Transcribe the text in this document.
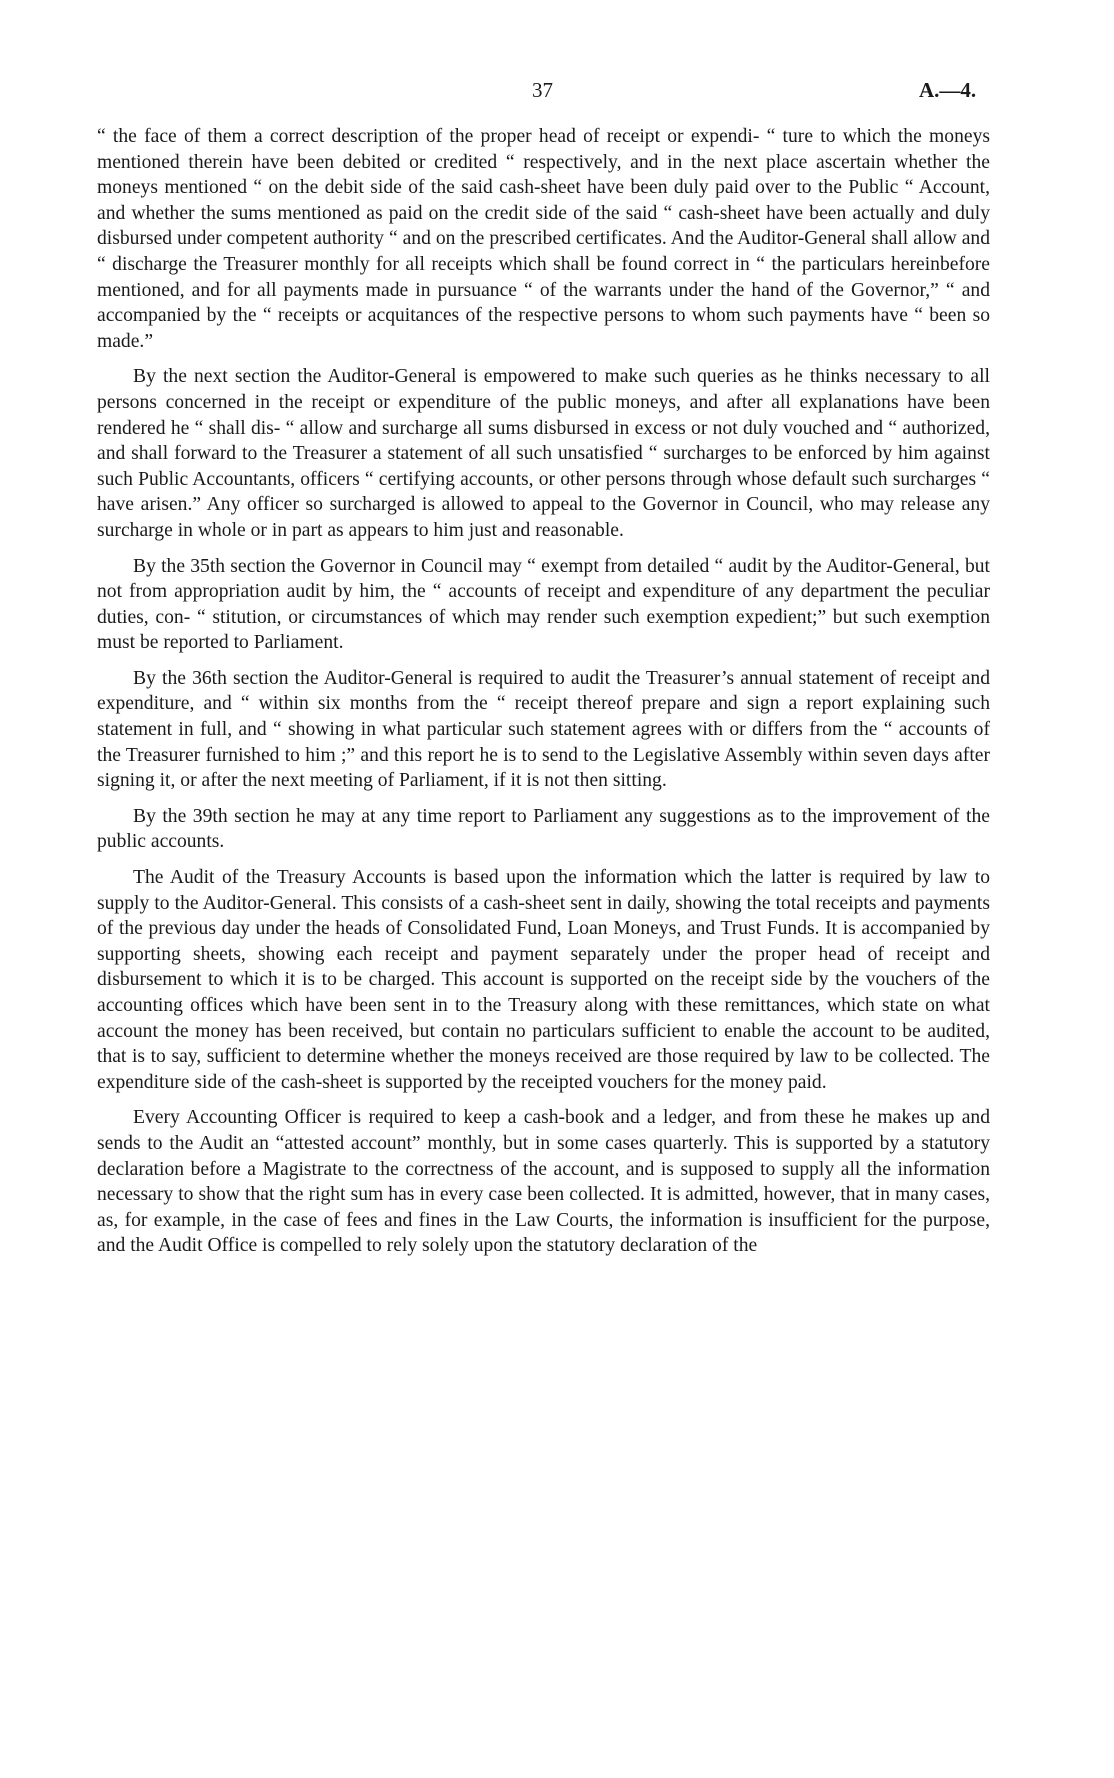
37	A.—4.

“ the face of them a correct description of the proper head of receipt or expendi- “ ture to which the moneys mentioned therein have been debited or credited “ respectively, and in the next place ascertain whether the moneys mentioned “ on the debit side of the said cash-sheet have been duly paid over to the Public “ Account, and whether the sums mentioned as paid on the credit side of the said “ cash-sheet have been actually and duly disbursed under competent authority “ and on the prescribed certificates. And the Auditor-General shall allow and “ discharge the Treasurer monthly for all receipts which shall be found correct in “ the particulars hereinbefore mentioned, and for all payments made in pursuance “ of the warrants under the hand of the Governor,” “ and accompanied by the “ receipts or acquitances of the respective persons to whom such payments have “ been so made.”

By the next section the Auditor-General is empowered to make such queries as he thinks necessary to all persons concerned in the receipt or expenditure of the public moneys, and after all explanations have been rendered he “ shall dis- “ allow and surcharge all sums disbursed in excess or not duly vouched and “ authorized, and shall forward to the Treasurer a statement of all such unsatisfied “ surcharges to be enforced by him against such Public Accountants, officers “ certifying accounts, or other persons through whose default such surcharges “ have arisen.” Any officer so surcharged is allowed to appeal to the Governor in Council, who may release any surcharge in whole or in part as appears to him just and reasonable.

By the 35th section the Governor in Council may “ exempt from detailed “ audit by the Auditor-General, but not from appropriation audit by him, the “ accounts of receipt and expenditure of any department the peculiar duties, con- “ stitution, or circumstances of which may render such exemption expedient;” but such exemption must be reported to Parliament.

By the 36th section the Auditor-General is required to audit the Treasurer’s annual statement of receipt and expenditure, and “ within six months from the “ receipt thereof prepare and sign a report explaining such statement in full, and “ showing in what particular such statement agrees with or differs from the “ accounts of the Treasurer furnished to him ;” and this report he is to send to the Legislative Assembly within seven days after signing it, or after the next meeting of Parliament, if it is not then sitting.

By the 39th section he may at any time report to Parliament any suggestions as to the improvement of the public accounts.

The Audit of the Treasury Accounts is based upon the information which the latter is required by law to supply to the Auditor-General. This consists of a cash-sheet sent in daily, showing the total receipts and payments of the previous day under the heads of Consolidated Fund, Loan Moneys, and Trust Funds. It is accompanied by supporting sheets, showing each receipt and payment separately under the proper head of receipt and disbursement to which it is to be charged. This account is supported on the receipt side by the vouchers of the accounting offices which have been sent in to the Treasury along with these remittances, which state on what account the money has been received, but contain no particulars sufficient to enable the account to be audited, that is to say, sufficient to determine whether the moneys received are those required by law to be collected. The expenditure side of the cash-sheet is supported by the receipted vouchers for the money paid.

Every Accounting Officer is required to keep a cash-book and a ledger, and from these he makes up and sends to the Audit an “attested account” monthly, but in some cases quarterly. This is supported by a statutory declaration before a Magistrate to the correctness of the account, and is supposed to supply all the information necessary to show that the right sum has in every case been collected. It is admitted, however, that in many cases, as, for example, in the case of fees and fines in the Law Courts, the information is insufficient for the purpose, and the Audit Office is compelled to rely solely upon the statutory declaration of the
